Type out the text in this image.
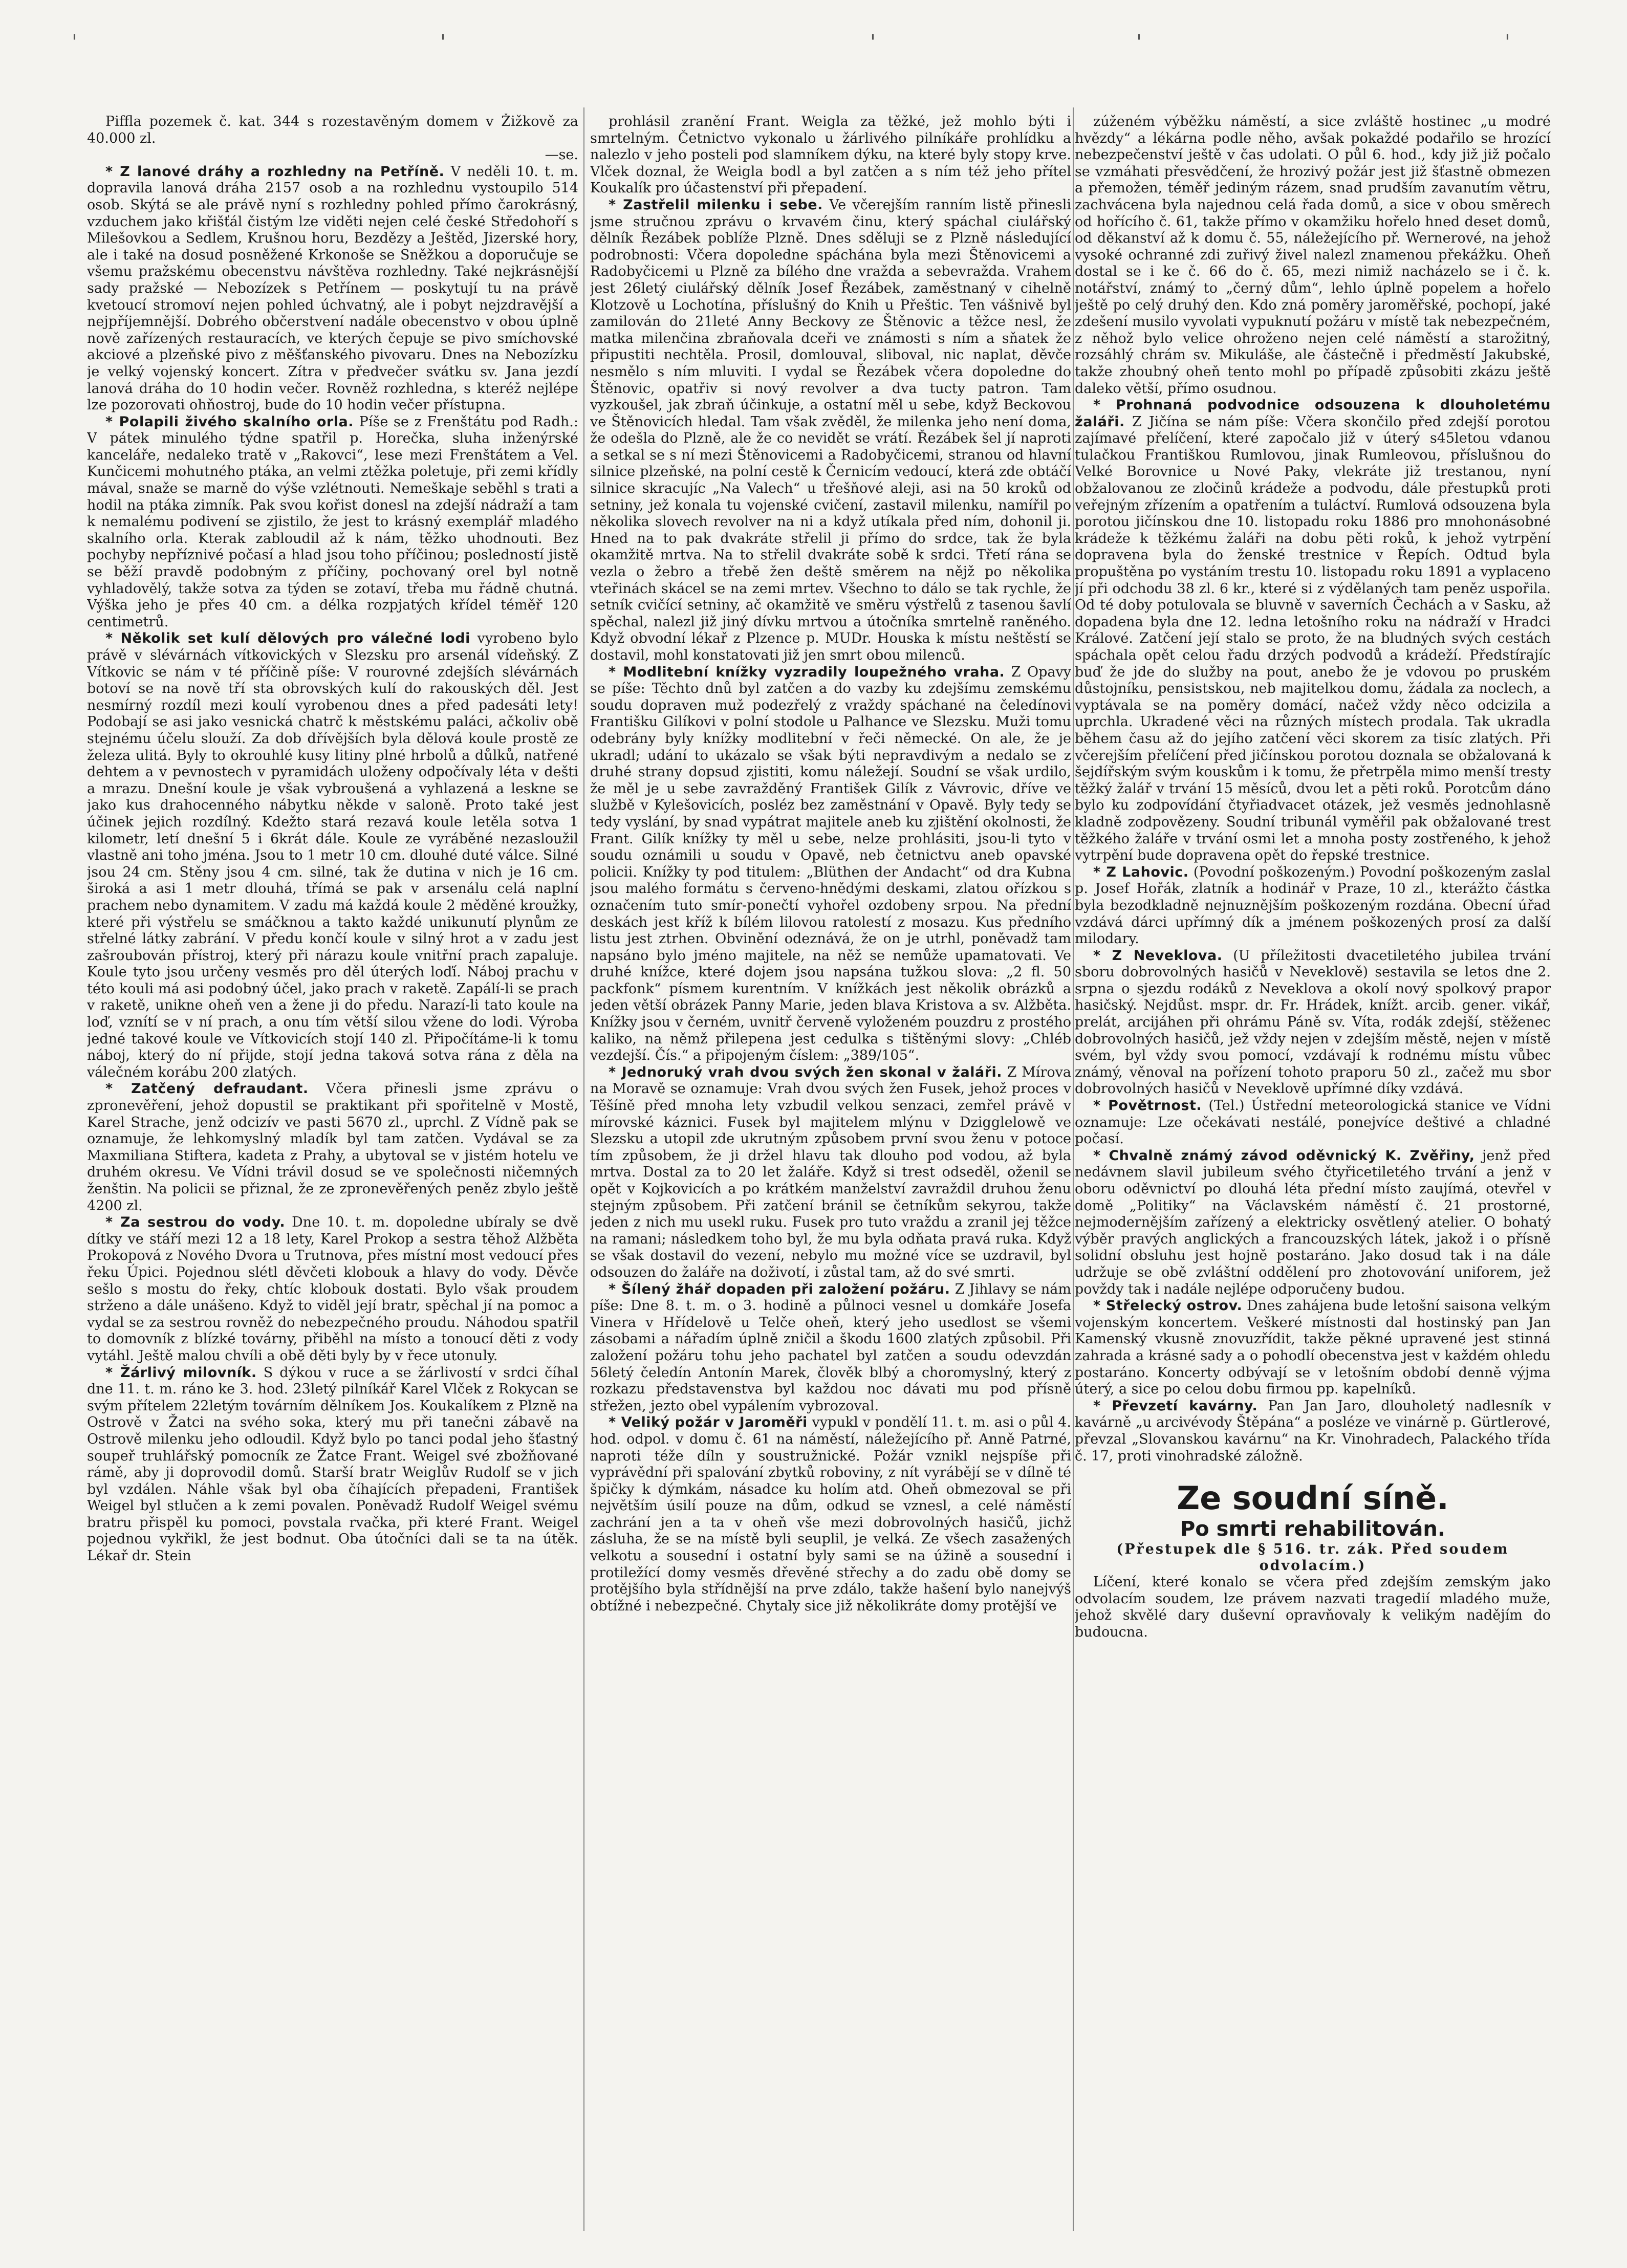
'	'	'	'	'

Piffla pozemek č. kat. 344 s rozestavěným domem v Žižkově za 40.000 zl.
—se.

* Z lanové dráhy a rozhledny na Petříně. V neděli 10. t. m. dopravila lanová dráha 2157 osob a na rozhlednu vystoupilo 514 osob. Skýtá se ale právě nyní s rozhledny pohled přímo čarokrásný, vzduchem jako křišťál čistým lze viděti nejen celé české Středohoří s Milešovkou a Sedlem, Krušnou horu, Bezdězy a Ještěd, Jizerské hory, ale i také na dosud posněžené Krkonoše se Sněžkou a doporučuje se všemu pražskému obecenstvu návštěva rozhledny. Také nejkrásnější sady pražské — Nebozízek s Petřínem — poskytují tu na právě kvetoucí stromoví nejen pohled úchvatný, ale i pobyt nejzdravější a nejpříjemnější. Dobrého občerstvení nadále obecenstvo v obou úplně nově zařízených restauracích, ve kterých čepuje se pivo smíchovské akciové a plzeňské pivo z měšťanského pivovaru. Dnes na Nebozízku je velký vojenský koncert. Zítra v předvečer svátku sv. Jana jezdí lanová dráha do 10 hodin večer. Rovněž rozhledna, s kteréž nejlépe lze pozorovati ohňostroj, bude do 10 hodin večer přístupna.

* Polapili živého skalního orla. Píše se z Frenštátu pod Radh.: V pátek minulého týdne spatřil p. Horečka, sluha inženýrské kanceláře, nedaleko tratě v „Rakovci“, lese mezi Frenštátem a Vel. Kunčicemi mohutného ptáka, an velmi ztěžka poletuje, při zemi křídly mával, snaže se marně do výše vzlétnouti. Nemeškaje seběhl s trati a hodil na ptáka zimník. Pak svou kořist donesl na zdejší nádraží a tam k nemalému podivení se zjistilo, že jest to krásný exemplář mladého skalního orla. Kterak zabloudil až k nám, těžko uhodnouti. Bez pochyby nepříznivé počasí a hlad jsou toho příčinou; posledností jistě se běží pravdě podobným z příčiny, pochovaný orel byl notně vyhladovělý, takže sotva za týden se zotaví, třeba mu řádně chutná. Výška jeho je přes 40 cm. a délka rozpjatých křídel téměř 120 centimetrů.

* Několik set kulí dělových pro válečné lodi vyrobeno bylo právě v slévárnách vítkovických v Slezsku pro arsenál vídeňský. Z Vítkovic se nám v té příčině píše: V rourovné zdejších slévárnách botoví se na nově tří sta obrovských kulí do rakouských děl. Jest nesmírný rozdíl mezi koulí vyrobenou dnes a před padesáti lety! Podobají se asi jako vesnická chatrč k městskému paláci, ačkoliv obě stejnému účelu slouží. Za dob dřívějších byla dělová koule prostě ze železa ulitá. Byly to okrouhlé kusy litiny plné hrbolů a důlků, natřené dehtem a v pevnostech v pyramidách uloženy odpočívaly léta v dešti a mrazu. Dnešní koule je však vybroušená a vyhlazená a leskne se jako kus drahocenného nábytku někde v saloně. Proto také jest účinek jejich rozdílný. Kdežto stará rezavá koule letěla sotva 1 kilometr, letí dnešní 5 i 6krát dále. Koule ze vyráběné nezasloužil vlastně ani toho jména. Jsou to 1 metr 10 cm. dlouhé duté válce. Silné jsou 24 cm. Stěny jsou 4 cm. silné, tak že dutina v nich je 16 cm. široká a asi 1 metr dlouhá, třímá se pak v arsenálu celá naplní prachem nebo dynamitem. V zadu má každá koule 2 měděné kroužky, které při výstřelu se smáčknou a takto každé unikunutí plynům ze střelné látky zabrání. V předu končí koule v silný hrot a v zadu jest zašroubován přístroj, který při nárazu koule vnitřní prach zapaluje. Koule tyto jsou určeny vesměs pro děl úterých loďí. Náboj prachu v této kouli má asi podobný účel, jako prach v raketě. Zapálí-li se prach v raketě, unikne oheň ven a žene ji do předu. Narazí-li tato koule na loď, vznítí se v ní prach, a onu tím větší silou vžene do lodi. Výroba jedné takové koule ve Vítkovicích stojí 140 zl. Připočítáme-li k tomu náboj, který do ní přijde, stojí jedna taková sotva rána z děla na válečném korábu 200 zlatých.

* Zatčený defraudant. Včera přinesli jsme zprávu o zpronevěření, jehož dopustil se praktikant při spořitelně v Mostě, Karel Strache, jenž odcizív ve pasti 5670 zl., uprchl. Z Vídně pak se oznamuje, že lehkomyslný mladík byl tam zatčen. Vydával se za Maxmiliana Stiftera, kadeta z Prahy, a ubytoval se v jistém hotelu ve druhém okresu. Ve Vídni trávil dosud se ve společnosti ničemných ženštin. Na policii se přiznal, že ze zpronevěřených peněz zbylo ještě 4200 zl.

* Za sestrou do vody. Dne 10. t. m. dopoledne ubíraly se dvě dítky ve stáří mezi 12 a 18 lety, Karel Prokop a sestra těhož Alžběta Prokopová z Nového Dvora u Trutnova, přes místní most vedoucí přes řeku Úpici. Pojednou slétl děvčeti klobouk a hlavy do vody. Děvče sešlo s mostu do řeky, chtíc klobouk dostati. Bylo však proudem strženo a dále unášeno. Když to viděl její bratr, spěchal jí na pomoc a vydal se za sestrou rovněž do nebezpečného proudu. Náhodou spatřil to domovník z blízké továrny, přiběhl na místo a tonoucí děti z vody vytáhl. Ještě malou chvíli a obě děti byly by v řece utonuly.

* Žárlivý milovník. S dýkou v ruce a se žárlivostí v srdci číhal dne 11. t. m. ráno ke 3. hod. 23letý pilníkář Karel Vlček z Rokycan se svým přítelem 22letým továrním dělníkem Jos. Koukalíkem z Plzně na Ostrově v Žatci na svého soka, který mu při tanečni zábavě na Ostrově milenku jeho odloudil. Když bylo po tanci podal jeho šťastný soupeř truhlářský pomocník ze Žatce Frant. Weigel své zbožňované rámě, aby ji doprovodil domů. Starší bratr Weiglův Rudolf se v jich byl vzdálen. Náhle však byl oba číhajících přepadeni, František Weigel byl stlučen a k zemi povalen. Poněvadž Rudolf Weigel svému bratru přispěl ku pomoci, povstala rvačka, při které Frant. Weigel pojednou vykřikl, že jest bodnut. Oba útočníci dali se ta na útěk. Lékař dr. Stein

prohlásil zranění Frant. Weigla za těžké, jež mohlo býti i smrtelným. Četnictvo vykonalo u žárlivého pilníkáře prohlídku a nalezlo v jeho posteli pod slamníkem dýku, na které byly stopy krve. Vlček doznal, že Weigla bodl a byl zatčen a s ním též jeho přítel Koukalík pro účastenství při přepadení.

* Zastřelil milenku i sebe. Ve včerejším ranním listě přinesli jsme stručnou zprávu o krvavém činu, který spáchal ciulářský dělník Řezábek poblíže Plzně. Dnes sděluji se z Plzně následující podrobnosti: Včera dopoledne spáchána byla mezi Štěnovicemi a Radobyčicemi u Plzně za bílého dne vražda a sebevražda. Vrahem jest 26letý ciulářský dělník Josef Řezábek, zaměstnaný v cihelně Klotzově u Lochotína, příslušný do Knih u Přeštic. Ten vášnivě byl zamilován do 21leté Anny Beckovy ze Štěnovic a těžce nesl, že matka milenčina zbraňovala dceři ve známosti s ním a sňatek že připustiti nechtěla. Prosil, domlouval, sliboval, nic naplat, děvče nesmělo s ním mluviti. I vydal se Řezábek včera dopoledne do Štěnovic, opatřiv si nový revolver a dva tucty patron. Tam vyzkoušel, jak zbraň účinkuje, a ostatní měl u sebe, když Beckovou ve Štěnovicích hledal. Tam však zvěděl, že milenka jeho není doma, že odešla do Plzně, ale že co nevidět se vrátí. Řezábek šel jí naproti a setkal se s ní mezi Štěnovicemi a Radobyčicemi, stranou od hlavní silnice plzeňské, na polní cestě k Černicím vedoucí, která zde obtáčí silnice skracujíc „Na Valech“ u třešňové aleji, asi na 50 kroků od setniny, jež konala tu vojenské cvičení, zastavil milenku, namířil po několika slovech revolver na ni a když utíkala před ním, dohonil ji. Hned na to pak dvakráte střelil ji přímo do srdce, tak že byla okamžitě mrtva. Na to střelil dvakráte sobě k srdci. Třetí rána se vezla o žebro a třebě žen deště směrem na nějž po několika vteřinách skácel se na zemi mrtev. Všechno to dálo se tak rychle, že setník cvičící setniny, ač okamžitě ve směru výstřelů z tasenou šavlí spěchal, nalezl již jiný dívku mrtvou a útočníka smrtelně raněného. Když obvodní lékař z Plzence p. MUDr. Houska k místu neštěstí se dostavil, mohl konstatovati již jen smrt obou milenců.

* Modlitební knížky vyzradily loupežného vraha. Z Opavy se píše: Těchto dnů byl zatčen a do vazby ku zdejšímu zemskému soudu dopraven muž podezřelý z vraždy spáchané na čeledínovi Františku Gilíkovi v polní stodole u Palhance ve Slezsku. Muži tomu odebrány byly knížky modlitební v řeči německé. On ale, že je ukradl; udání to ukázalo se však býti nepravdivým a nedalo se z druhé strany dopsud zjistiti, komu náležejí. Soudní se však urdilo, že měl je u sebe zavražděný František Gilík z Vávrovic, dříve ve službě v Kylešovicích, posléz bez zaměstnání v Opavě. Byly tedy se tedy vyslání, by snad vypátrat majitele aneb ku zjištění okolnosti, že Frant. Gilík knížky ty měl u sebe, nelze prohlásiti, jsou-li tyto v soudu oznámili u soudu v Opavě, neb četnictvu aneb opavské policii. Knížky ty pod titulem: „Blüthen der Andacht“ od dra Kubna jsou malého formátu s červeno-hnědými deskami, zlatou ořízkou s označením tuto smír-ponečtí vyhořel ozdobeny srpou. Na přední deskách jest kříž k bílém lilovou ratolestí z mosazu. Kus předního listu jest ztrhen. Obvinění odeznává, že on je utrhl, poněvadž tam napsáno bylo jméno majitele, na něž se nemůže upamatovati. Ve druhé knížce, které dojem jsou napsána tužkou slova: „2 fl. 50 packfonk“ písmem kurentním. V knížkách jest několik obrázků a jeden větší obrázek Panny Marie, jeden blava Kristova a sv. Alžběta. Knížky jsou v černém, uvnitř červeně vyloženém pouzdru z prostého kaliko, na němž přilepena jest cedulka s tištěnými slovy: „Chléb vezdejší. Čís.“ a připojeným číslem: „389/105“.

* Jednoruký vrah dvou svých žen skonal v žaláři. Z Mírova na Moravě se oznamuje: Vrah dvou svých žen Fusek, jehož proces v Těšíně před mnoha lety vzbudil velkou senzaci, zemřel právě v mírovské káznici. Fusek byl majitelem mlýnu v Dzigglelowě ve Slezsku a utopil zde ukrutným způsobem první svou ženu v potoce tím způsobem, že ji držel hlavu tak dlouho pod vodou, až byla mrtva. Dostal za to 20 let žaláře. Když si trest odseděl, oženil se opět v Kojkovicích a po krátkém manželství zavraždil druhou ženu stejným způsobem. Při zatčení bránil se četníkům sekyrou, takže jeden z nich mu usekl ruku. Fusek pro tuto vraždu a zranil jej těžce na ramani; následkem toho byl, že mu byla odňata pravá ruka. Když se však dostavil do vezení, nebylo mu možné více se uzdravil, byl odsouzen do žaláře na doživotí, i zůstal tam, až do své smrti.

* Šílený žhář dopaden při založení požáru. Z Jihlavy se nám píše: Dne 8. t. m. o 3. hodině a půlnoci vesnel u domkáře Josefa Vinera v Hřídelově u Telče oheň, který jeho usedlost se všemi zásobami a nářadím úplně zničil a škodu 1600 zlatých způsobil. Při založení požáru tohu jeho pachatel byl zatčen a soudu odevzdán 56letý čeledín Antonín Marek, člověk blbý a choromyslný, který z rozkazu představenstva byl každou noc dávati mu pod přísně střežen, jezto obel vypálením vybrozoval.

* Veliký požár v Jaroměři vypukl v pondělí 11. t. m. asi o půl 4. hod. odpol. v domu č. 61 na náměstí, náležejícího př. Anně Patrné, naproti téže díln y soustružnické. Požár vznikl nejspíše při vyprávědní při spalování zbytků roboviny, z nít vyrábějí se v dílně té špičky k dýmkám, násadce ku holím atd. Oheň obmezoval se při největším úsilí pouze na dům, odkud se vznesl, a celé náměstí zachrání jen a ta v oheň vše mezi dobrovolných hasičů, jichž zásluha, že se na místě byli seuplil, je velká. Ze všech zasažených velkotu a sousední i ostatní byly sami se na úžině a sousední i protiležící domy vesměs dřevěné střechy a do zadu obě domy se protějšího byla střídnější na prve zdálo, takže hašení bylo nanejvýš obtížné i nebezpečné. Chytaly sice již několikráte domy protější ve

zúženém výběžku náměstí, a sice zvláště hostinec „u modré hvězdy“ a lékárna podle něho, avšak pokaždé podařilo se hrozící nebezpečenství ještě v čas udolati. O půl 6. hod., kdy již již počalo se vzmáhati přesvědčení, že hrozivý požár jest již šťastně obmezen a přemožen, téměř jediným rázem, snad prudším zavanutím větru, zachvácena byla najednou celá řada domů, a sice v obou směrech od hořícího č. 61, takže přímo v okamžiku hořelo hned deset domů, od děkanství až k domu č. 55, náležejícího př. Wernerové, na jehož vysoké ochranné zdi zuřivý živel nalezl znamenou překážku. Oheň dostal se i ke č. 66 do č. 65, mezi nimiž nacházelo se i č. k. notářství, známý to „černý dům“, lehlo úplně popelem a hořelo ještě po celý druhý den. Kdo zná poměry jaroměřské, pochopí, jaké zdešení musilo vyvolati vypuknutí požáru v místě tak nebezpečném, z něhož bylo velice ohroženo nejen celé náměstí a starožitný, rozsáhlý chrám sv. Mikuláše, ale částečně i předměstí Jakubské, takže zhoubný oheň tento mohl po případě způsobiti zkázu ještě daleko větší, přímo osudnou.

* Prohnaná podvodnice odsouzena k dlouholetému žaláři. Z Jičína se nám píše: Včera skončilo před zdejší porotou zajímavé přelíčení, které započalo již v úterý s45letou vdanou tulačkou Františkou Rumlovou, jinak Rumleovou, příslušnou do Velké Borovnice u Nové Paky, vlekráte již trestanou, nyní obžalovanou ze zločinů krádeže a podvodu, dále přestupků proti veřejným zřízením a opatřením a tuláctví. Rumlová odsouzena byla porotou jičínskou dne 10. listopadu roku 1886 pro mnohonásobné krádeže k těžkému žaláři na dobu pěti roků, k jehož vytrpění dopravena byla do ženské trestnice v Řepích. Odtud byla propuštěna po vystáním trestu 10. listopadu roku 1891 a vyplaceno jí při odchodu 38 zl. 6 kr., které si z výdělaných tam peněz uspořila. Od té doby potulovala se bluvně v saverních Čechách a v Sasku, až dopadena byla dne 12. ledna letošního roku na nádraží v Hradci Králové. Zatčení její stalo se proto, že na bludných svých cestách spáchala opět celou řadu drzých podvodů a krádeží. Předstírajíc buď že jde do služby na pout, anebo že je vdovou po pruském důstojníku, pensistskou, neb majitelkou domu, žádala za noclech, a vyptávala se na poměry domácí, načež vždy něco odcizila a uprchla. Ukradené věci na různých místech prodala. Tak ukradla během času až do jejího zatčení věci skorem za tisíc zlatých. Při včerejším přelíčení před jičínskou porotou doznala se obžalovaná k šejdířským svým kouskům i k tomu, že přetrpěla mimo menší tresty těžký žalář v trvání 15 měsíců, dvou let a pěti roků. Porotcům dáno bylo ku zodpovídání čtyřiadvacet otázek, jež vesměs jednohlasně kladně zodpovězeny. Soudní tribunál vyměřil pak obžalované trest těžkého žaláře v trvání osmi let a mnoha posty zostřeného, k jehož vytrpění bude dopravena opět do řepské trestnice.

* Z Lahovic. (Povodní poškozeným.) Povodní poškozeným zaslal p. Josef Hořák, zlatník a hodinář v Praze, 10 zl., kterážto částka byla bezodkladně nejnuznějším poškozeným rozdána. Obecní úřad vzdává dárci upřímný dík a jménem poškozených prosí za další milodary.

* Z Neveklova. (U příležitosti dvacetiletého jubilea trvání sboru dobrovolných hasičů v Neveklově) sestavila se letos dne 2. srpna o sjezdu rodáků z Neveklova a okolí nový spolkový prapor hasičský. Nejdůst. mspr. dr. Fr. Hrádek, knížt. arcib. gener. vikář, prelát, arcijáhen při ohrámu Páně sv. Víta, rodák zdejší, stěženec dobrovolných hasičů, jež vždy nejen v zdejším městě, nejen v místě svém, byl vždy svou pomocí, vzdávají k rodnému místu vůbec známý, věnoval na pořízení tohoto praporu 50 zl., začež mu sbor dobrovolných hasičů v Neveklově upřímné díky vzdává.

* Povětrnost. (Tel.) Ústřední meteorologická stanice ve Vídni oznamuje: Lze očekávati nestálé, ponejvíce deštivé a chladné počasí.

* Chvalně známý závod oděvnický K. Zvěřiny, jenž před nedávnem slavil jubileum svého čtyřicetiletého trvání a jenž v oboru oděvnictví po dlouhá léta přední místo zaujímá, otevřel v domě „Politiky“ na Václavském náměstí č. 21 prostorné, nejmodernějším zařízený a elektricky osvětlený atelier. O bohatý výběr pravých anglických a francouzských látek, jakož i o přísně solidní obsluhu jest hojně postaráno. Jako dosud tak i na dále udržuje se obě zvláštní oddělení pro zhotovování uniforem, jež povždy tak i nadále nejlépe odporučeny budou.

* Střelecký ostrov. Dnes zahájena bude letošní saisona velkým vojenským koncertem. Veškeré místnosti dal hostinský pan Jan Kamenský vkusně znovuzřídit, takže pěkné upravené jest stinná zahrada a krásné sady a o pohodlí obecenstva jest v každém ohledu postaráno. Koncerty odbývají se v letošním období denně výjma úterý, a sice po celou dobu firmou pp. kapelníků.

* Převzetí kavárny. Pan Jan Jaro, dlouholetý nadlesník v kavárně „u arcivévody Štěpána“ a posléze ve vinárně p. Gürtlerové, převzal „Slovanskou kavárnu“ na Kr. Vinohradech, Palackého třída č. 17, proti vinohradské záložně.

Ze soudní síně.
Po smrti rehabilitován.
(Přestupek dle § 516. tr. zák. Před soudem odvolacím.)

Líčení, které konalo se včera před zdejším zemským jako odvolacím soudem, lze právem nazvati tragedií mladého muže, jehož skvělé dary duševní opravňovaly k velikým nadějím do budoucna.
